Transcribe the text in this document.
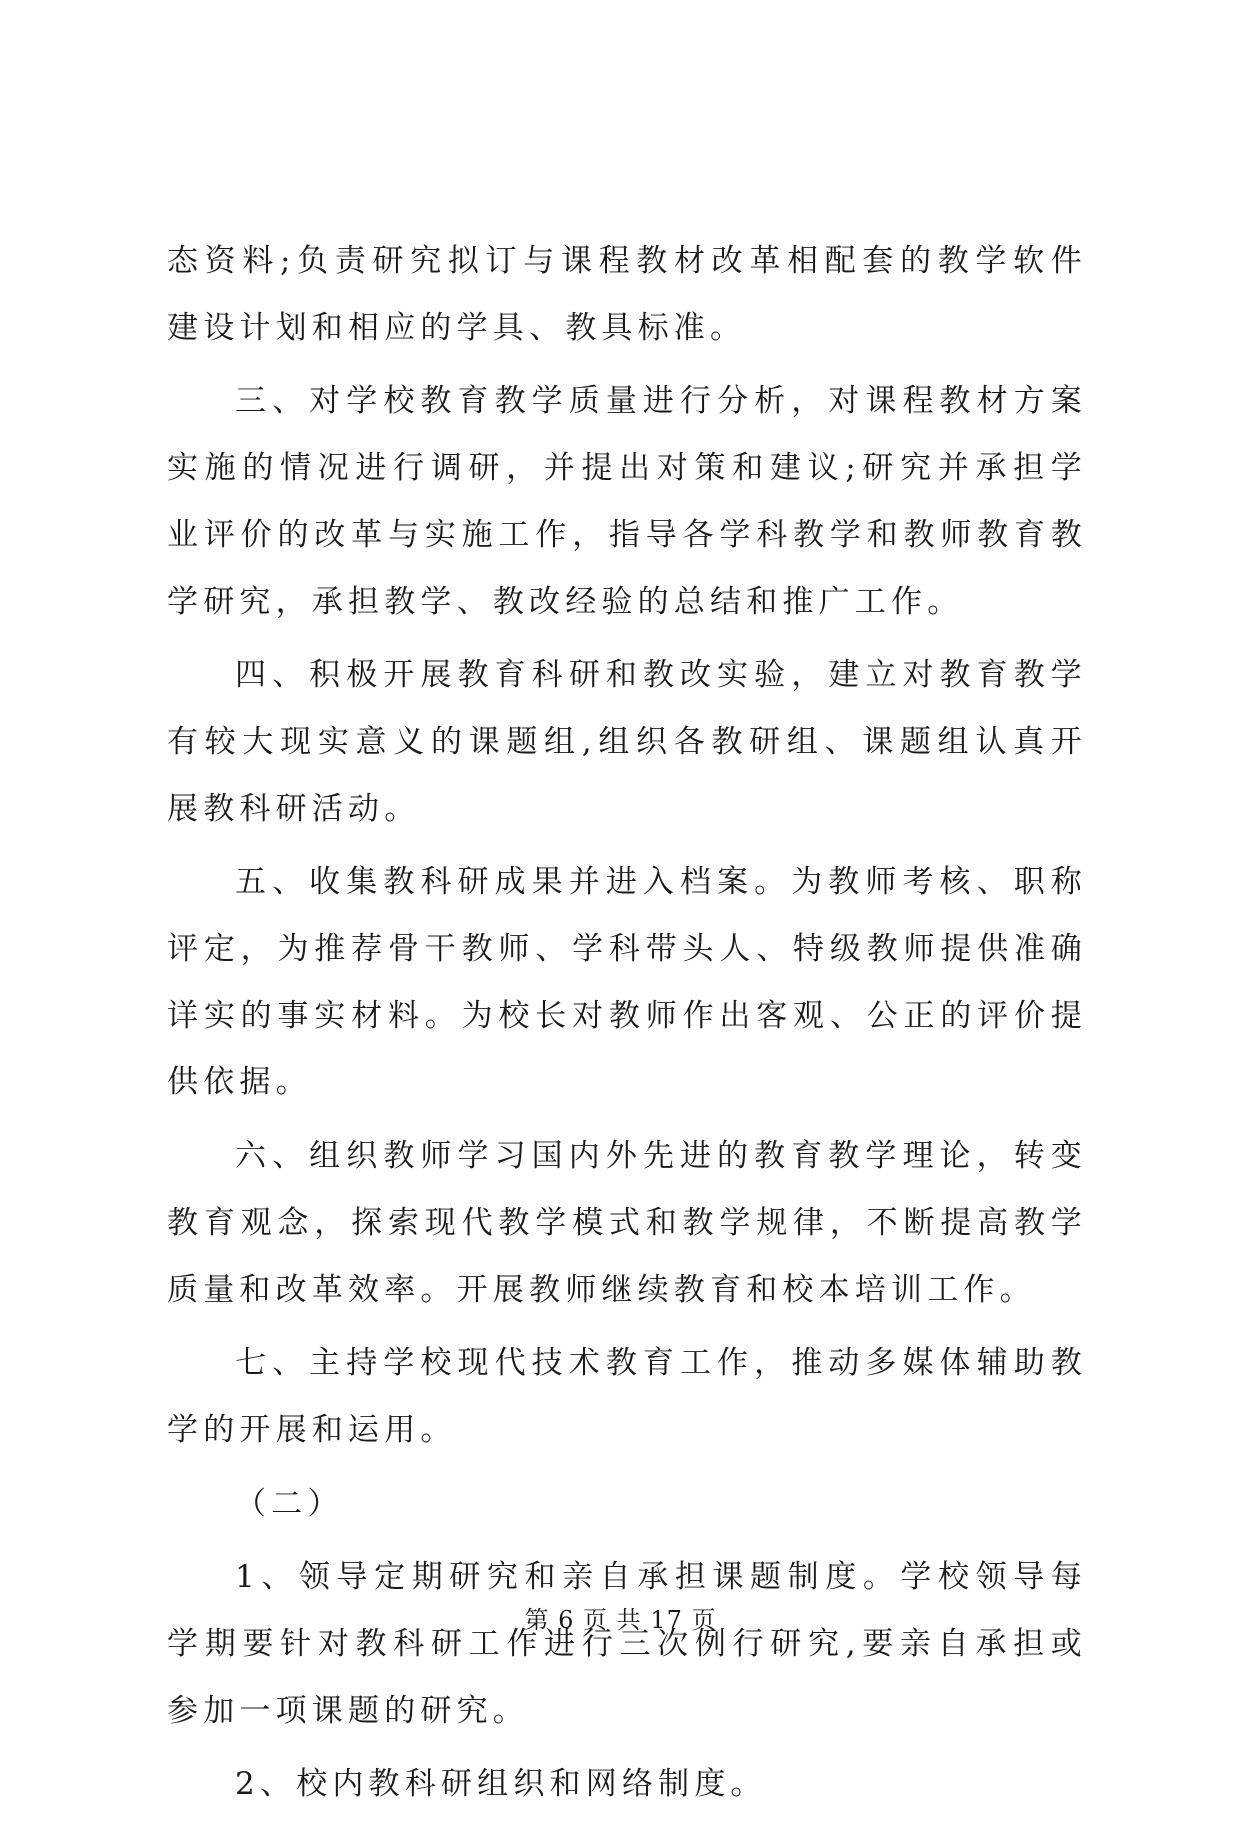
态资料;负责研究拟订与课程教材改革相配套的教学软件建设计划和相应的学具、教具标准。

三、对学校教育教学质量进行分析，对课程教材方案实施的情况进行调研，并提出对策和建议;研究并承担学业评价的改革与实施工作，指导各学科教学和教师教育教学研究，承担教学、教改经验的总结和推广工作。

四、积极开展教育科研和教改实验，建立对教育教学有较大现实意义的课题组,组织各教研组、课题组认真开展教科研活动。

五、收集教科研成果并进入档案。为教师考核、职称评定，为推荐骨干教师、学科带头人、特级教师提供准确详实的事实材料。为校长对教师作出客观、公正的评价提供依据。

六、组织教师学习国内外先进的教育教学理论，转变教育观念，探索现代教学模式和教学规律，不断提高教学质量和改革效率。开展教师继续教育和校本培训工作。

七、主持学校现代技术教育工作，推动多媒体辅助教学的开展和运用。

（二）

1、领导定期研究和亲自承担课题制度。学校领导每学期要针对教科研工作进行三次例行研究,要亲自承担或参加一项课题的研究。

2、校内教科研组织和网络制度。

第 6 页 共 17 页
